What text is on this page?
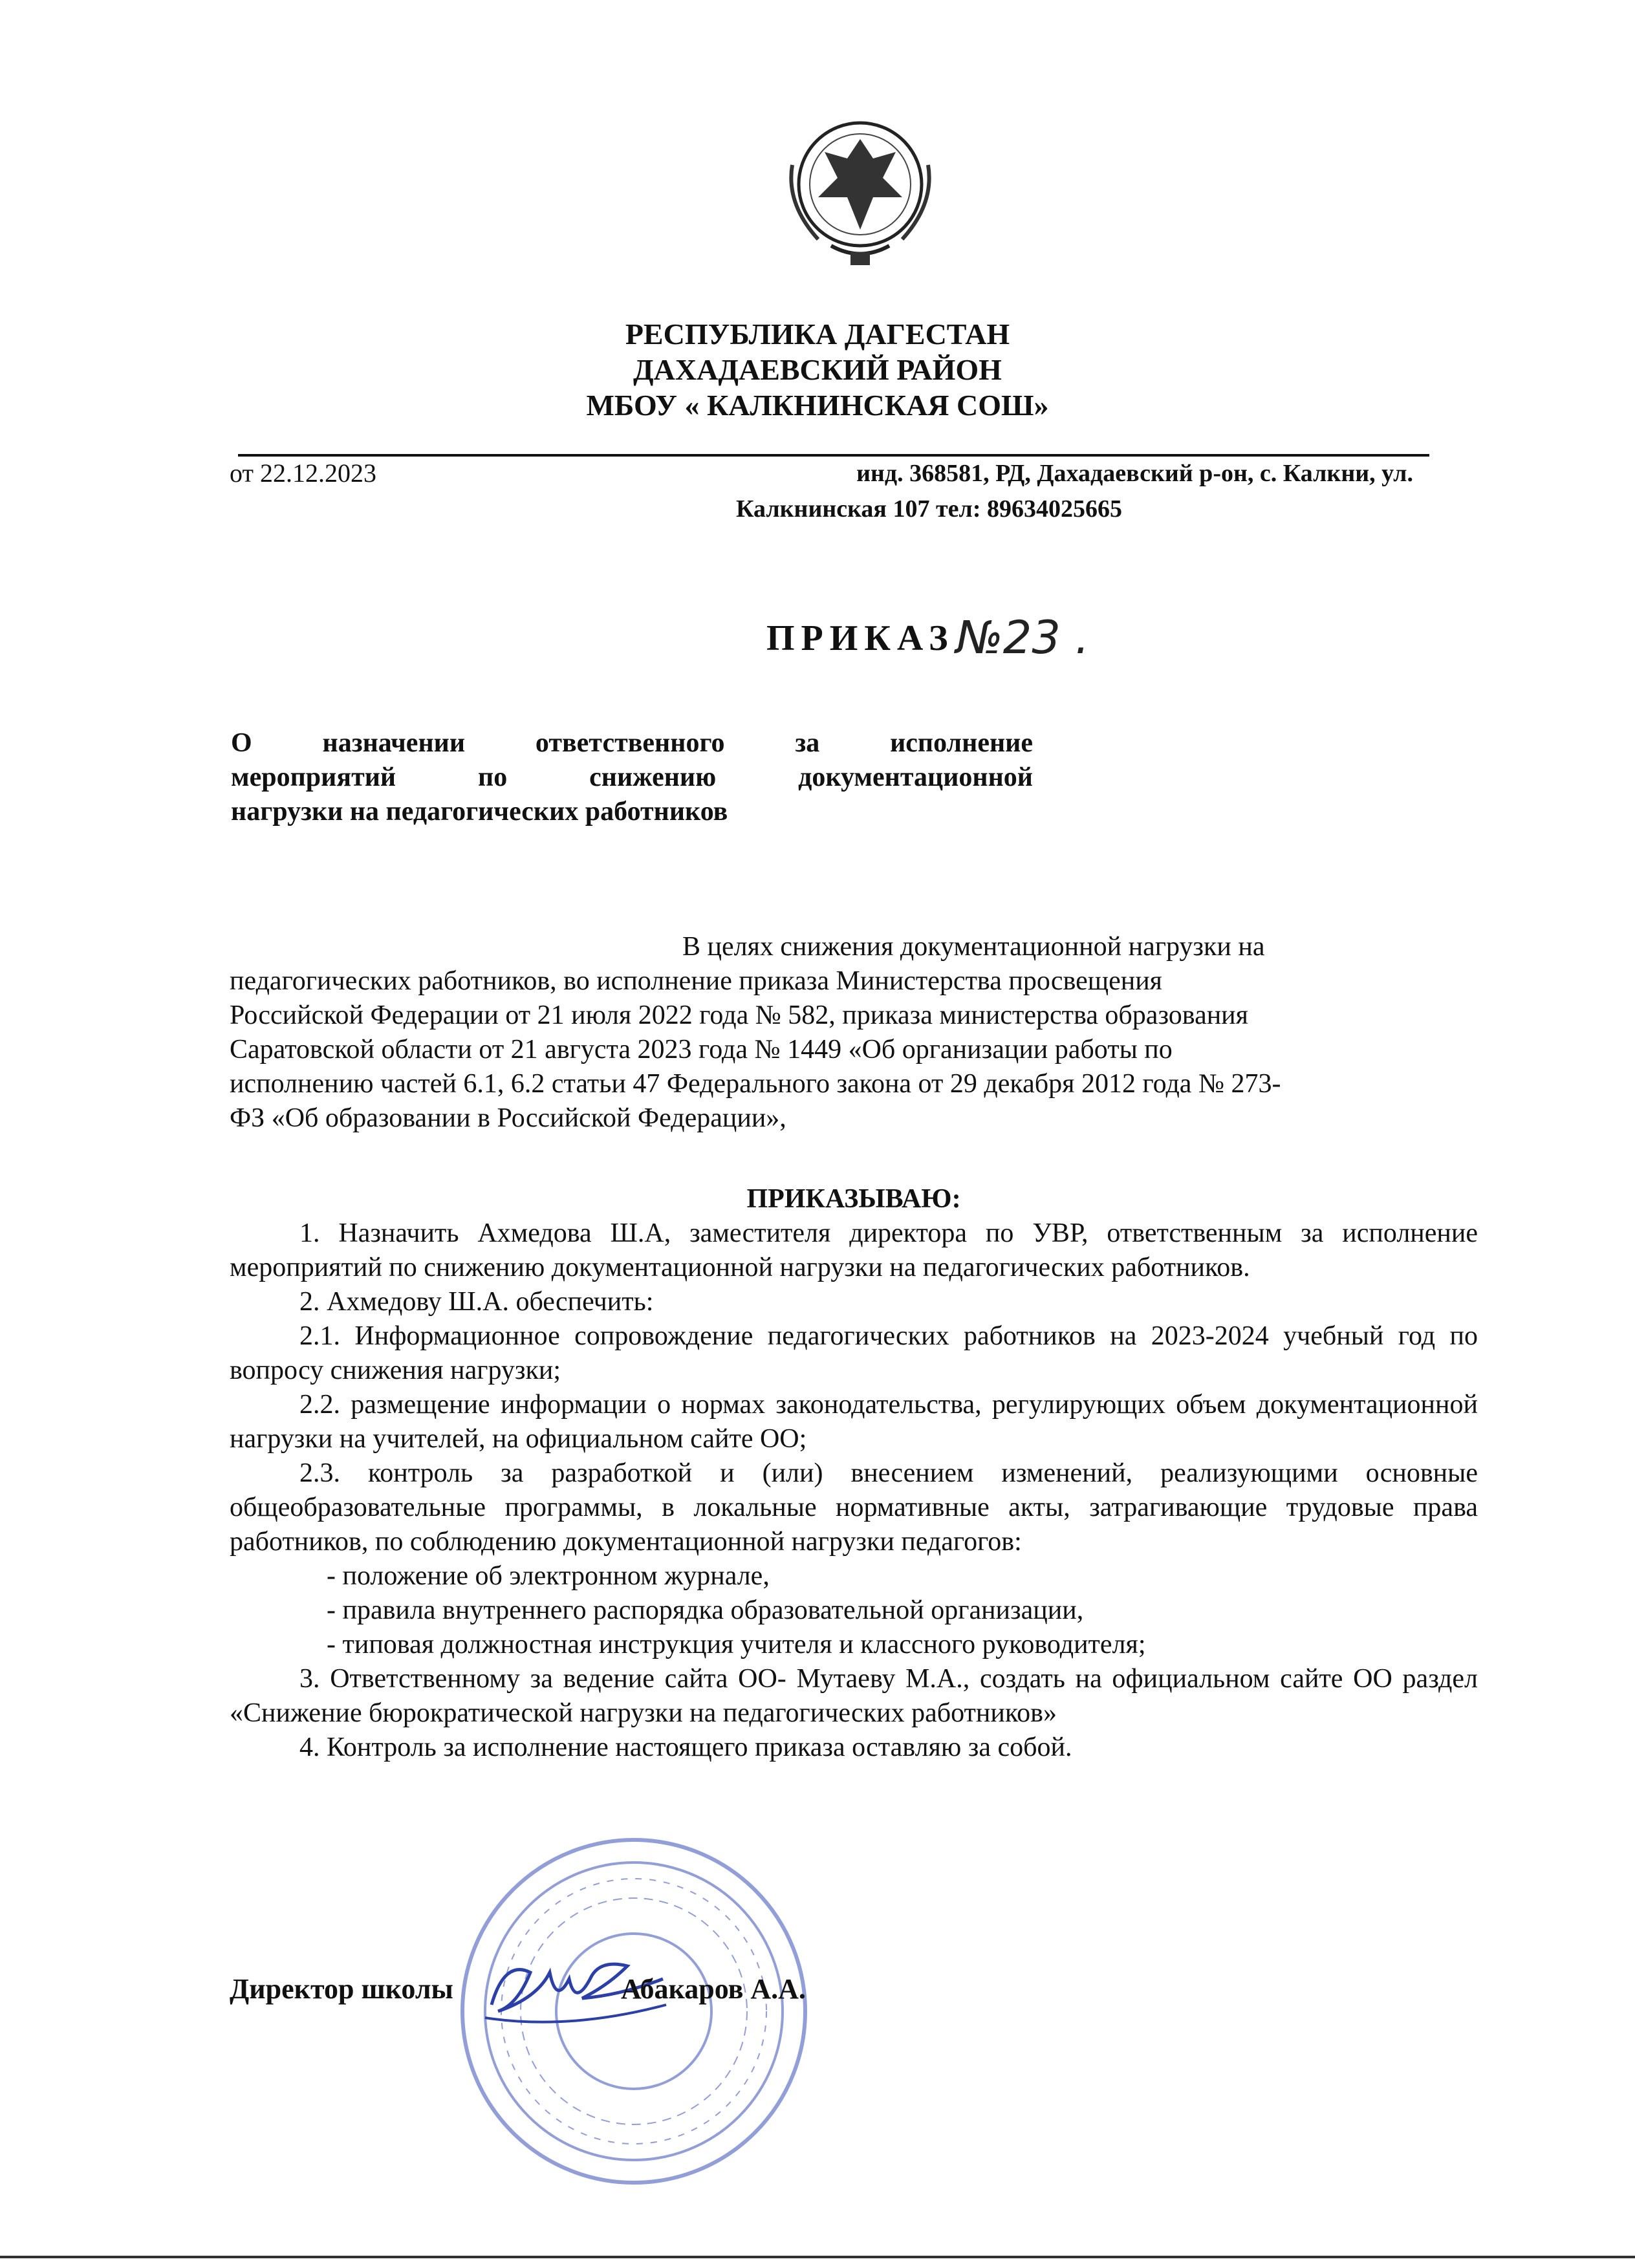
РЕСПУБЛИКА ДАГЕСТАН
ДАХАДАЕВСКИЙ РАЙОН
МБОУ « КАЛКНИНСКАЯ СОШ»
от 22.12.2023	инд. 368581, РД, Дахадаевский р-он, с. Калкни, ул.
Калкнинская 107 тел: 89634025665
ПРИКАЗ №23 .

О назначении ответственного за исполнение

мероприятий по снижению документационной

нагрузки на педагогических работников

В целях снижения документационной нагрузки на

педагогических работников, во исполнение приказа Министерства просвещения

Российской Федерации от 21 июля 2022 года № 582, приказа министерства образования

Саратовской области от 21 августа 2023 года № 1449 «Об организации работы по

исполнению частей 6.1, 6.2 статьи 47 Федерального закона от 29 декабря 2012 года № 273-

ФЗ «Об образовании в Российской Федерации»,

ПРИКАЗЫВАЮ:

1. Назначить Ахмедова Ш.А, заместителя директора по УВР, ответственным за исполнение мероприятий по снижению документационной нагрузки на педагогических работников.

2. Ахмедову Ш.А. обеспечить:

2.1. Информационное сопровождение педагогических работников на 2023-2024 учебный год по вопросу снижения нагрузки;

2.2. размещение информации о нормах законодательства, регулирующих объем документационной нагрузки на учителей, на официальном сайте ОО;

2.3. контроль за разработкой и (или) внесением изменений, реализующими основные общеобразовательные программы, в локальные нормативные акты, затрагивающие трудовые права работников, по соблюдению документационной нагрузки педагогов:

- положение об электронном журнале,

- правила внутреннего распорядка образовательной организации,

- типовая должностная инструкция учителя и классного руководителя;

3. Ответственному за ведение сайта ОО- Мутаеву М.А., создать на официальном сайте ОО раздел «Снижение бюрократической нагрузки на педагогических работников»

4. Контроль за исполнение настоящего приказа оставляю за собой.

Директор школы	Абакаров А.А.
